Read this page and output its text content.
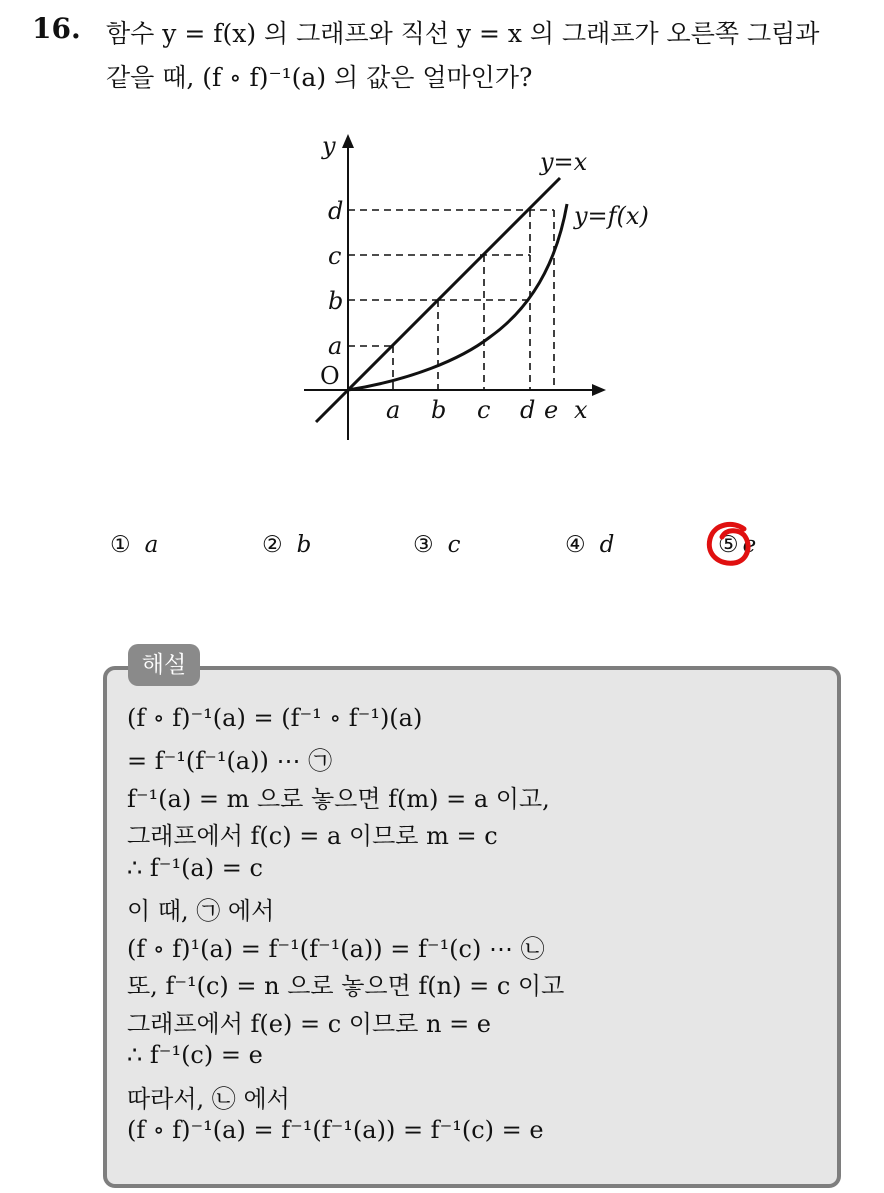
16. 함수 y = f(x) 의 그래프와 직선 y = x 의 그래프가 오른쪽 그림과
같을 때, (f ∘ f)⁻¹(a) 의 값은 얼마인가?
y
x
O
y=x
y=f(x)
a
b
c
d
a b c d e
① a	② b	③ c	④ d	⑤ e
해설
(f ∘ f)⁻¹(a) = (f⁻¹ ∘ f⁻¹)(a)
= f⁻¹(f⁻¹(a)) ⋯ ㉠
f⁻¹(a) = m 으로 놓으면 f(m) = a 이고,
그래프에서 f(c) = a 이므로 m = c
∴ f⁻¹(a) = c
이 때, ㉠ 에서
(f ∘ f)¹(a) = f⁻¹(f⁻¹(a)) = f⁻¹(c) ⋯ ㉡
또, f⁻¹(c) = n 으로 놓으면 f(n) = c 이고
그래프에서 f(e) = c 이므로 n = e
∴ f⁻¹(c) = e
따라서, ㉡ 에서
(f ∘ f)⁻¹(a) = f⁻¹(f⁻¹(a)) = f⁻¹(c) = e
